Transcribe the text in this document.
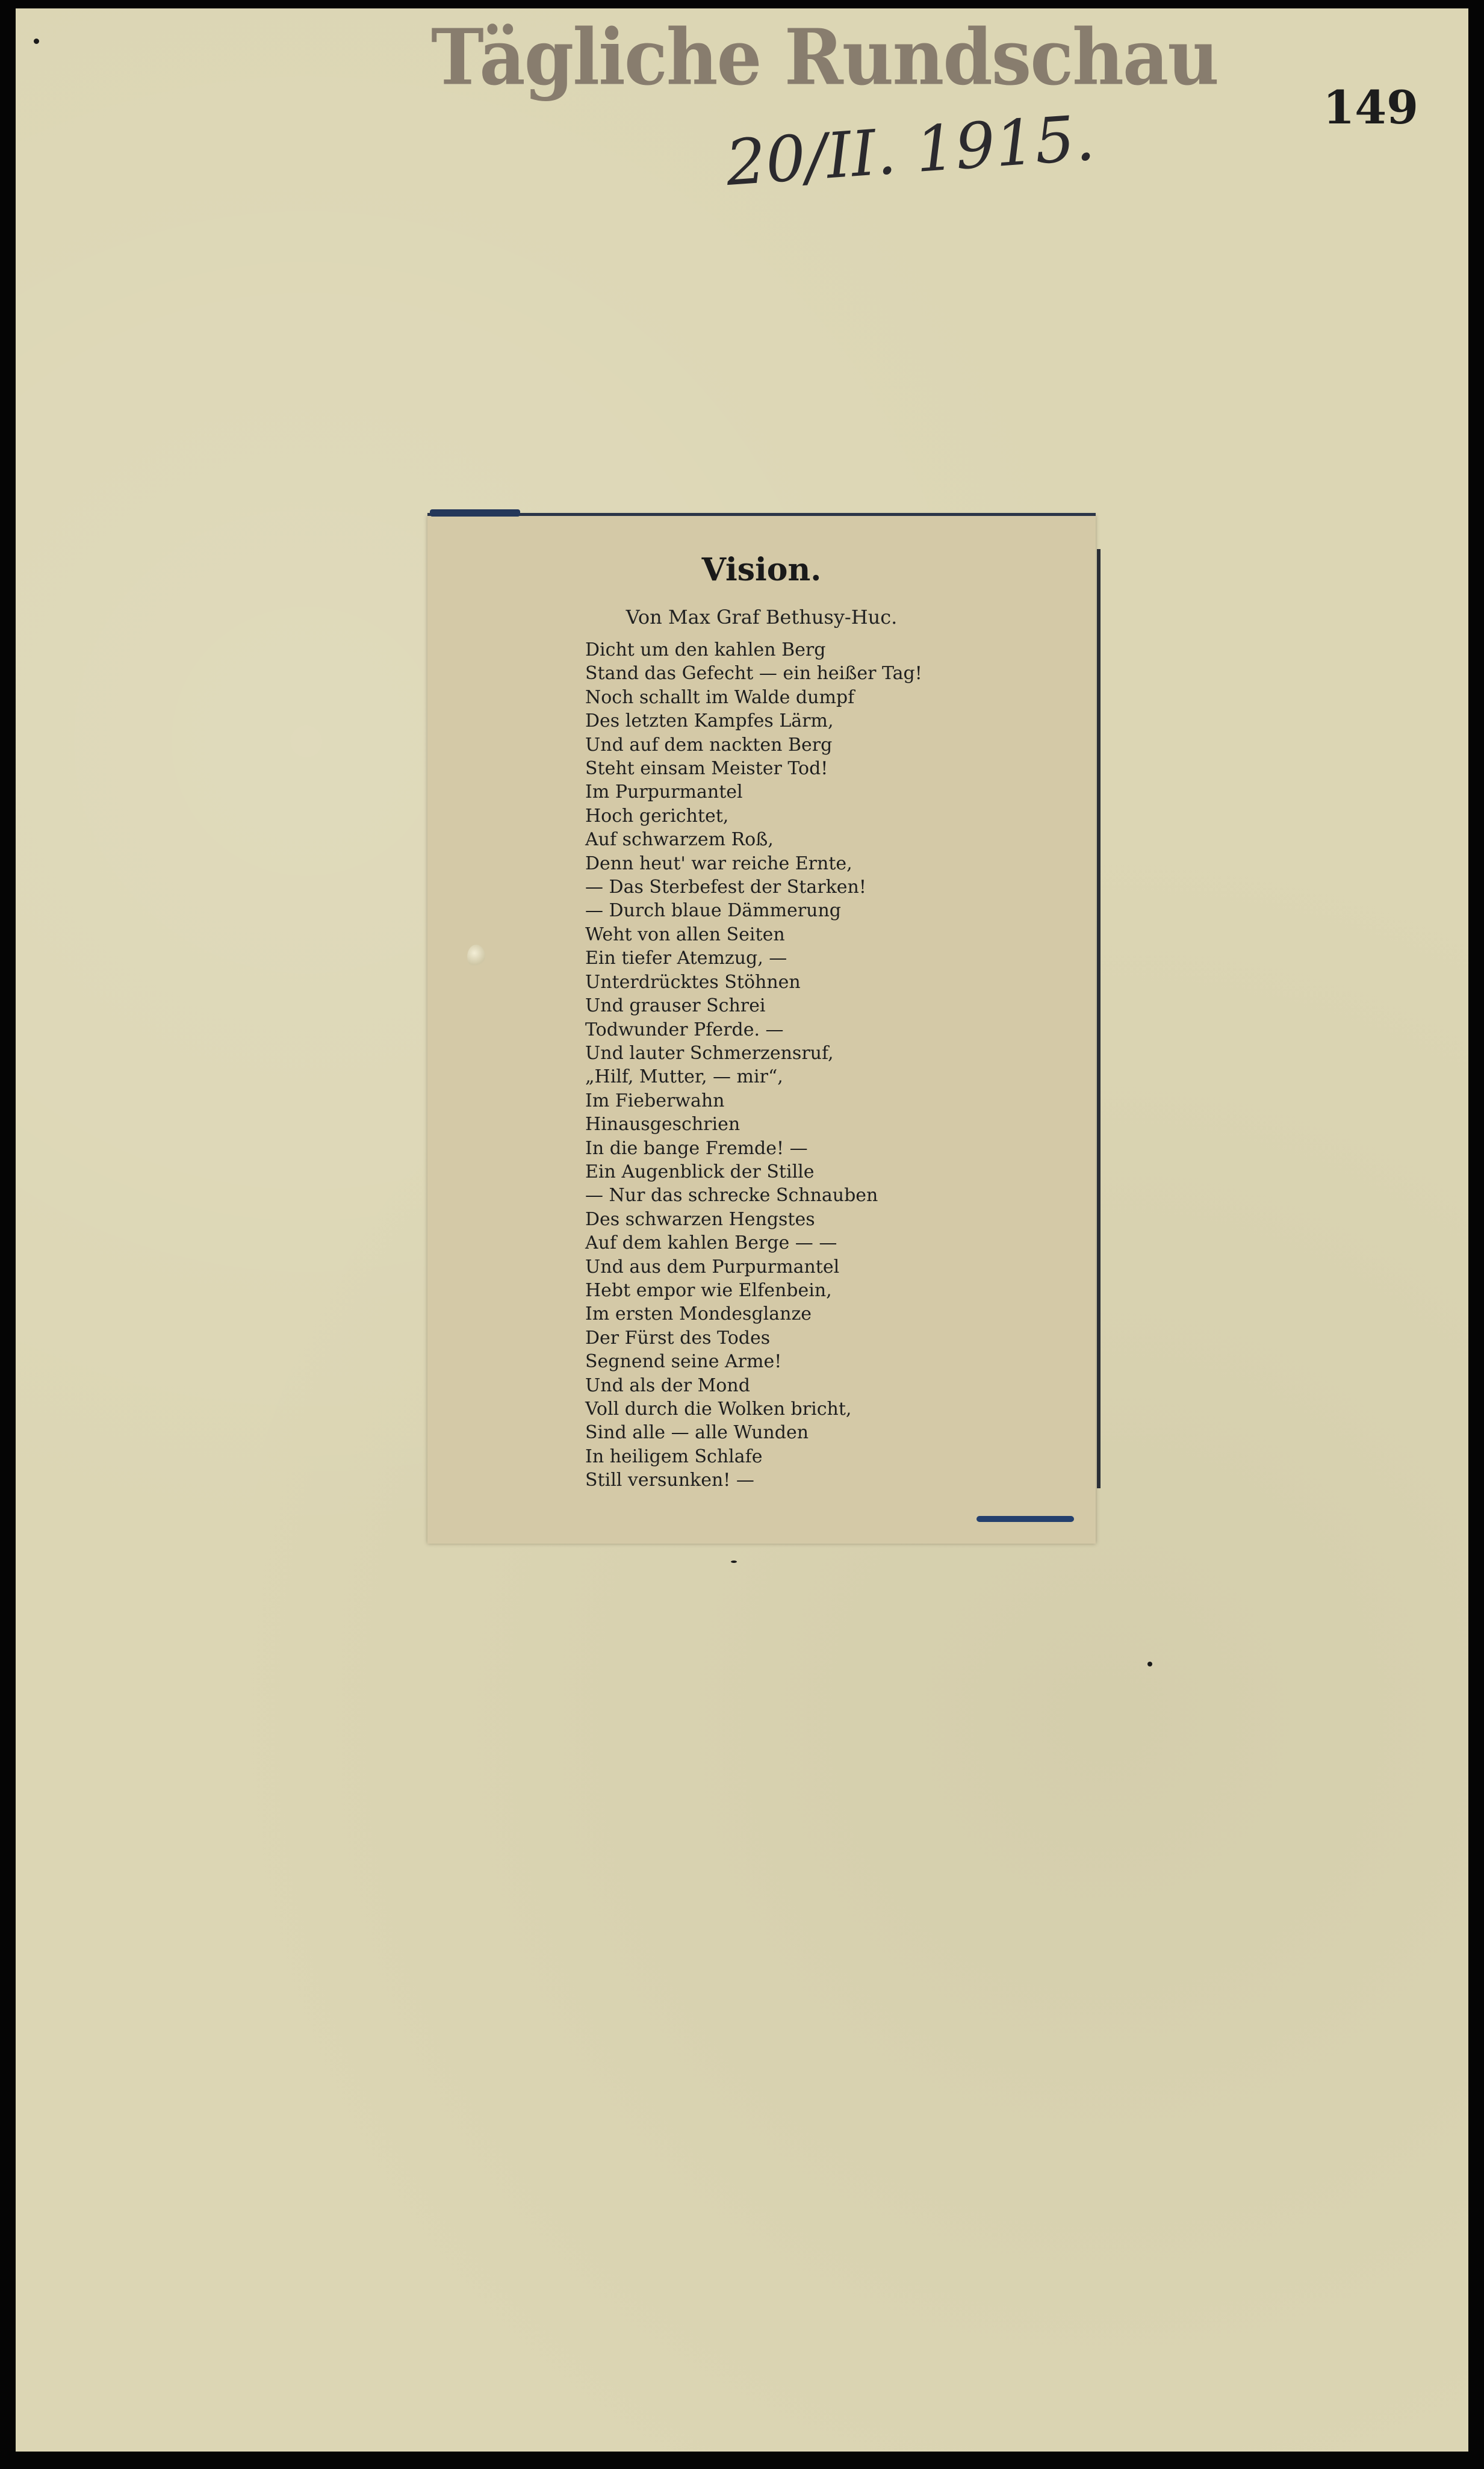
Tägliche Rundschau
20/II. 1915.	149
Vision.
Von Max Graf Bethusy-Huc.
Dicht um den kahlen Berg
Stand das Gefecht — ein heißer Tag!
Noch schallt im Walde dumpf
Des letzten Kampfes Lärm,
Und auf dem nackten Berg
Steht einsam Meister Tod!
Im Purpurmantel
Hoch gerichtet,
Auf schwarzem Roß,
Denn heut' war reiche Ernte,
— Das Sterbefest der Starken!
— Durch blaue Dämmerung
Weht von allen Seiten
Ein tiefer Atemzug, —
Unterdrücktes Stöhnen
Und grauser Schrei
Todwunder Pferde. —
Und lauter Schmerzensruf,
„Hilf, Mutter, — mir“,
Im Fieberwahn
Hinausgeschrien
In die bange Fremde! —
Ein Augenblick der Stille
— Nur das schrecke Schnauben
Des schwarzen Hengstes
Auf dem kahlen Berge — —
Und aus dem Purpurmantel
Hebt empor wie Elfenbein,
Im ersten Mondesglanze
Der Fürst des Todes
Segnend seine Arme!
Und als der Mond
Voll durch die Wolken bricht,
Sind alle — alle Wunden
In heiligem Schlafe
Still versunken! —
